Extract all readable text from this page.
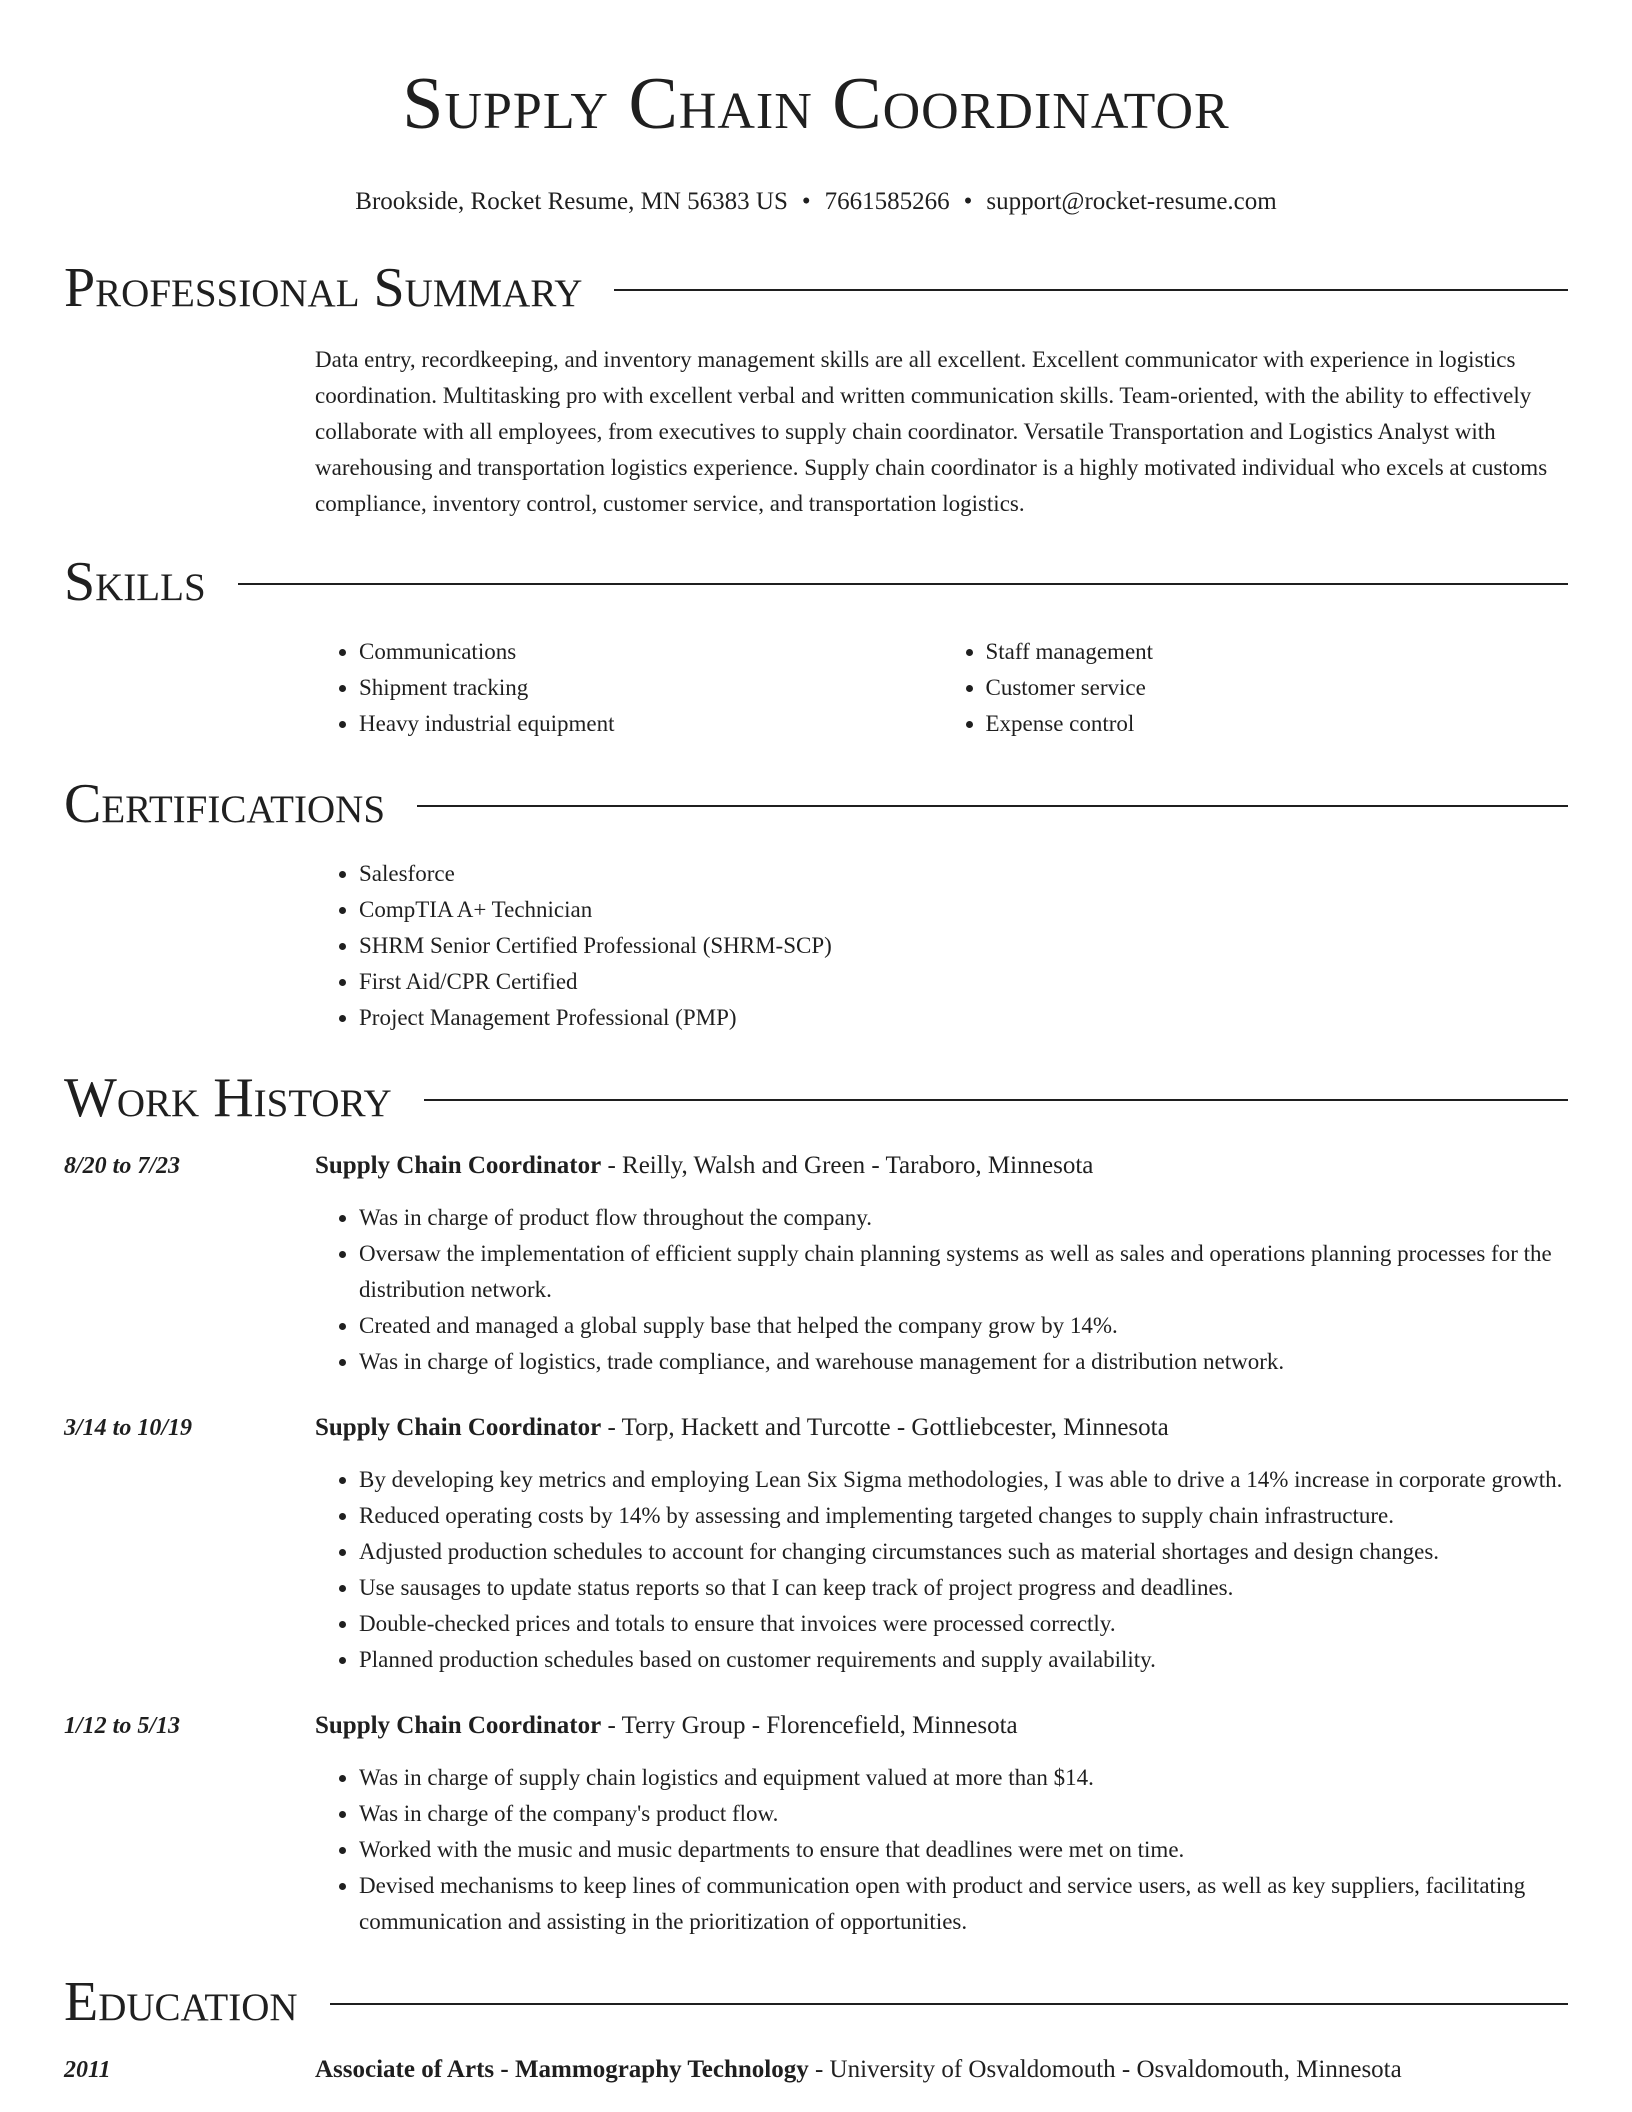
Supply Chain Coordinator
Brookside, Rocket Resume, MN 56383 US • 7661585266 • support@rocket-resume.com
Professional Summary
Data entry, recordkeeping, and inventory management skills are all excellent. Excellent communicator with experience in logistics coordination. Multitasking pro with excellent verbal and written communication skills. Team-oriented, with the ability to effectively collaborate with all employees, from executives to supply chain coordinator. Versatile Transportation and Logistics Analyst with warehousing and transportation logistics experience. Supply chain coordinator is a highly motivated individual who excels at customs compliance, inventory control, customer service, and transportation logistics.
Skills
• Communications
• Shipment tracking
• Heavy industrial equipment
• Staff management
• Customer service
• Expense control
Certifications
• Salesforce
• CompTIA A+ Technician
• SHRM Senior Certified Professional (SHRM-SCP)
• First Aid/CPR Certified
• Project Management Professional (PMP)
Work History
8/20 to 7/23	Supply Chain Coordinator - Reilly, Walsh and Green - Taraboro, Minnesota
• Was in charge of product flow throughout the company.
• Oversaw the implementation of efficient supply chain planning systems as well as sales and operations planning processes for the distribution network.
• Created and managed a global supply base that helped the company grow by 14%.
• Was in charge of logistics, trade compliance, and warehouse management for a distribution network.
3/14 to 10/19	Supply Chain Coordinator - Torp, Hackett and Turcotte - Gottliebcester, Minnesota
• By developing key metrics and employing Lean Six Sigma methodologies, I was able to drive a 14% increase in corporate growth.
• Reduced operating costs by 14% by assessing and implementing targeted changes to supply chain infrastructure.
• Adjusted production schedules to account for changing circumstances such as material shortages and design changes.
• Use sausages to update status reports so that I can keep track of project progress and deadlines.
• Double-checked prices and totals to ensure that invoices were processed correctly.
• Planned production schedules based on customer requirements and supply availability.
1/12 to 5/13	Supply Chain Coordinator - Terry Group - Florencefield, Minnesota
• Was in charge of supply chain logistics and equipment valued at more than $14.
• Was in charge of the company's product flow.
• Worked with the music and music departments to ensure that deadlines were met on time.
• Devised mechanisms to keep lines of communication open with product and service users, as well as key suppliers, facilitating communication and assisting in the prioritization of opportunities.
Education
2011	Associate of Arts - Mammography Technology - University of Osvaldomouth - Osvaldomouth, Minnesota
